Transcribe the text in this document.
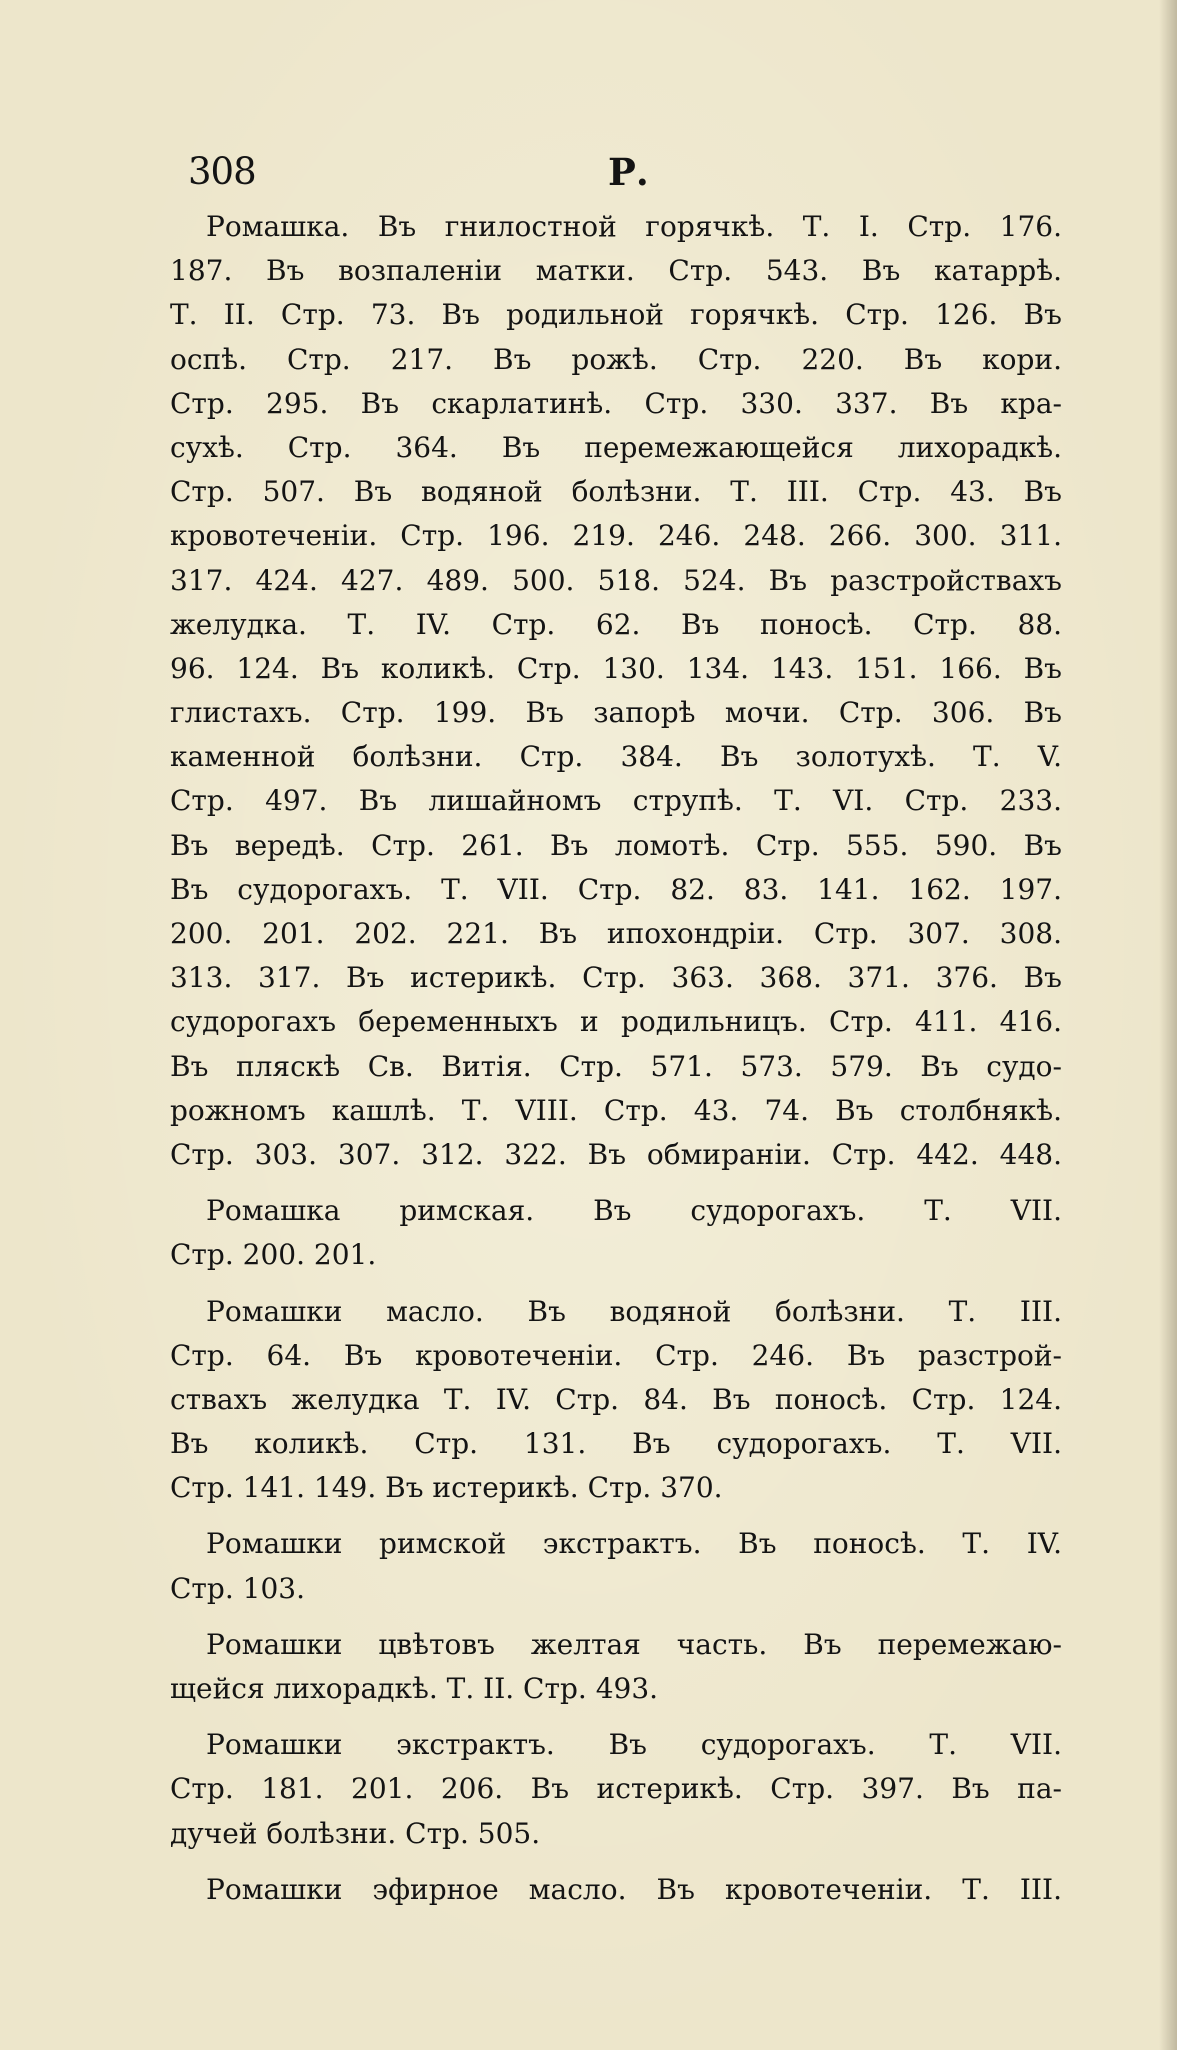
308	Р.
Ромашка. Въ гнилостной горячкѣ. Т. I. Стр. 176.
187. Въ возпаленіи матки. Стр. 543. Въ катаррѣ.
Т. II. Стр. 73. Въ родильной горячкѣ. Стр. 126. Въ
оспѣ. Стр. 217. Въ рожѣ. Стр. 220. Въ кори.
Стр. 295. Въ скарлатинѣ. Стр. 330. 337. Въ кра-
сухѣ. Стр. 364. Въ перемежающейся лихорадкѣ.
Стр. 507. Въ водяной болѣзни. Т. III. Стр. 43. Въ
кровотеченіи. Стр. 196. 219. 246. 248. 266. 300. 311.
317. 424. 427. 489. 500. 518. 524. Въ разстройствахъ
желудка. Т. IV. Стр. 62. Въ поносѣ. Стр. 88.
96. 124. Въ коликѣ. Стр. 130. 134. 143. 151. 166. Въ
глистахъ. Стр. 199. Въ запорѣ мочи. Стр. 306. Въ
каменной болѣзни. Стр. 384. Въ золотухѣ. Т. V.
Стр. 497. Въ лишайномъ струпѣ. Т. VI. Стр. 233.
Въ вередѣ. Стр. 261. Въ ломотѣ. Стр. 555. 590. Въ
Въ судорогахъ. Т. VII. Стр. 82. 83. 141. 162. 197.
200. 201. 202. 221. Въ ипохондріи. Стр. 307. 308.
313. 317. Въ истерикѣ. Стр. 363. 368. 371. 376. Въ
судорогахъ беременныхъ и родильницъ. Стр. 411. 416.
Въ пляскѣ Св. Витія. Стр. 571. 573. 579. Въ судо-
рожномъ кашлѣ. Т. VIII. Стр. 43. 74. Въ столбнякѣ.
Стр. 303. 307. 312. 322. Въ обмираніи. Стр. 442. 448.
Ромашка римская. Въ судорогахъ. Т. VII.
Стр. 200. 201.
Ромашки масло. Въ водяной болѣзни. Т. III.
Стр. 64. Въ кровотеченіи. Стр. 246. Въ разстрой-
ствахъ желудка Т. IV. Стр. 84. Въ поносѣ. Стр. 124.
Въ коликѣ. Стр. 131. Въ судорогахъ. Т. VII.
Стр. 141. 149. Въ истерикѣ. Стр. 370.
Ромашки римской экстрактъ. Въ поносѣ. Т. IV.
Стр. 103.
Ромашки цвѣтовъ желтая часть. Въ перемежаю-
щейся лихорадкѣ. Т. II. Стр. 493.
Ромашки экстрактъ. Въ судорогахъ. Т. VII.
Стр. 181. 201. 206. Въ истерикѣ. Стр. 397. Въ па-
дучей болѣзни. Стр. 505.
Ромашки эфирное масло. Въ кровотеченіи. Т. III.
